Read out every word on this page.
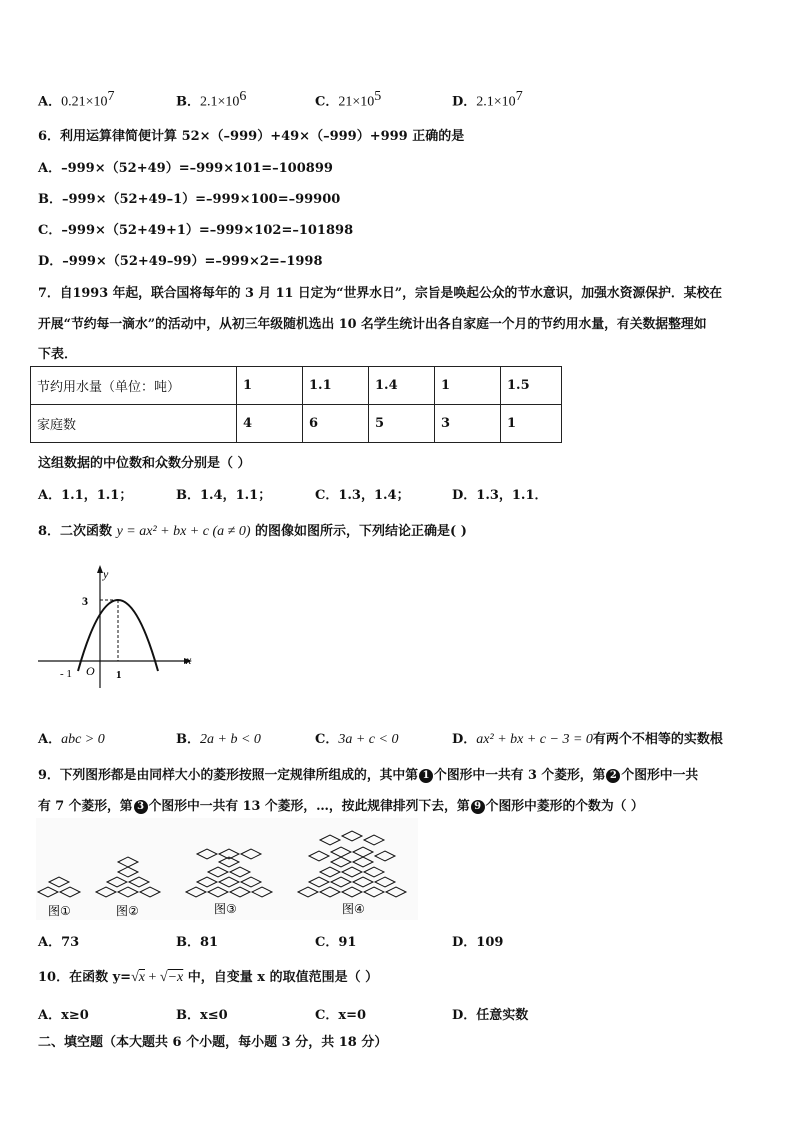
A．$0.21\times 10^7$	B．$2.1\times 10^6$	C．$21\times 10^5$	D．$2.1\times 10^7$
6．利用运算律简便计算 52×（–999）+49×（–999）+999 正确的是
A．–999×（52+49）=–999×101=–100899
B．–999×（52+49–1）=–999×100=–99900
C．–999×（52+49+1）=–999×102=–101898
D．–999×（52+49–99）=–999×2=–1998
7．自1993 年起，联合国将每年的 3 月 11 日定为“世界水日”，宗旨是唤起公众的节水意识，加强水资源保护．某校在
开展“节约每一滴水”的活动中，从初三年级随机选出 10 名学生统计出各自家庭一个月的节约用水量，有关数据整理如
下表．
节约用水量（单位：吨）	1	1.1	1.4	1	1.5
家庭数	4	6	5	3	1
这组数据的中位数和众数分别是（ ）
A．1.1，1.1；	B．1.4，1.1；	C．1.3，1.4；	D．1.3，1.1．
8．二次函数 y = ax² + bx + c (a ≠ 0) 的图像如图所示，下列结论正确是( )
y
x
3
- 1 O 1
A．abc > 0	B．2a + b < 0	C．3a + c < 0	D．ax² + bx + c − 3 = 0有两个不相等的实数根
9．下列图形都是由同样大小的菱形按照一定规律所组成的，其中第 1 个图形中一共有 3 个菱形，第 2 个图形中一共
有 7 个菱形，第 3 个图形中一共有 13 个菱形，…，按此规律排列下去，第 9 个图形中菱形的个数为（ ）
图①	图②	图③	图④
A．73	B．81	C．91	D．109
10．在函数 y=√x + √−x 中，自变量 x 的取值范围是（ ）
A．x≥0	B．x≤0	C．x=0	D．任意实数
二、填空题（本大题共 6 个小题，每小题 3 分，共 18 分）
